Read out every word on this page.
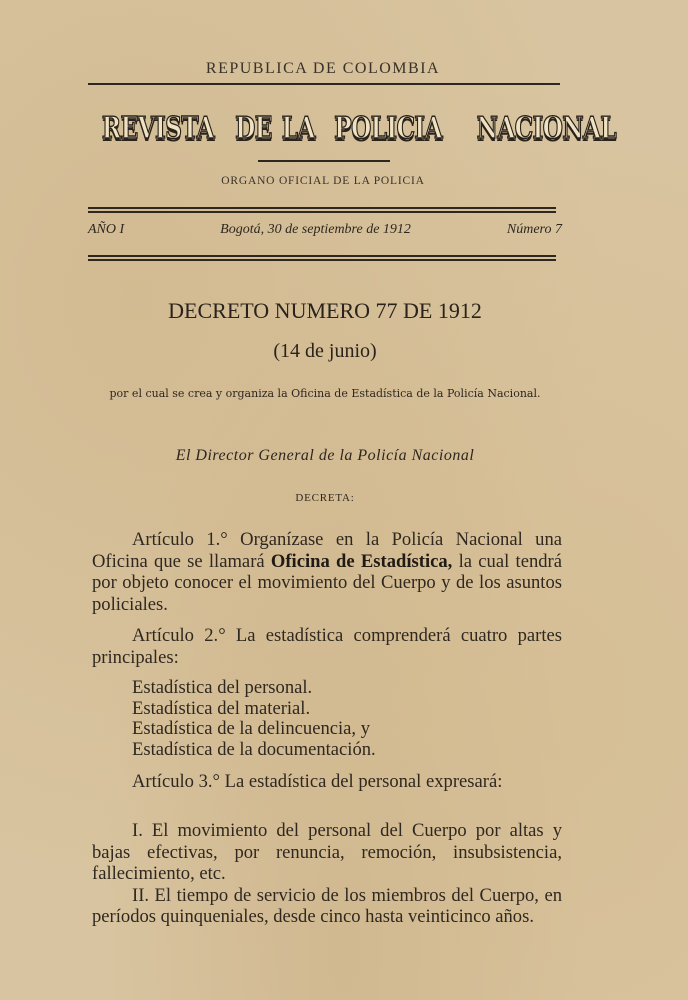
REPUBLICA DE COLOMBIA
REVISTA DE LA POLICIA NACIONAL
ORGANO OFICIAL DE LA POLICIA
AÑO I	Bogotá, 30 de septiembre de 1912	Número 7
DECRETO NUMERO 77 DE 1912
(14 de junio)
por el cual se crea y organiza la Oficina de Estadística de la Policía Nacional.
El Director General de la Policía Nacional
DECRETA:

Artículo 1.° Organízase en la Policía Nacional una Oficina que se llamará Oficina de Estadística, la cual tendrá por objeto conocer el movimiento del Cuerpo y de los asuntos policiales.

Artículo 2.° La estadística comprenderá cuatro partes principales:

Estadística del personal.
Estadística del material.
Estadística de la delincuencia, y
Estadística de la documentación.

Artículo 3.° La estadística del personal expresará:

I. El movimiento del personal del Cuerpo por altas y bajas efectivas, por renuncia, remoción, insubsistencia, fallecimiento, etc.

II. El tiempo de servicio de los miembros del Cuerpo, en períodos quinqueniales, desde cinco hasta veinticinco años.
